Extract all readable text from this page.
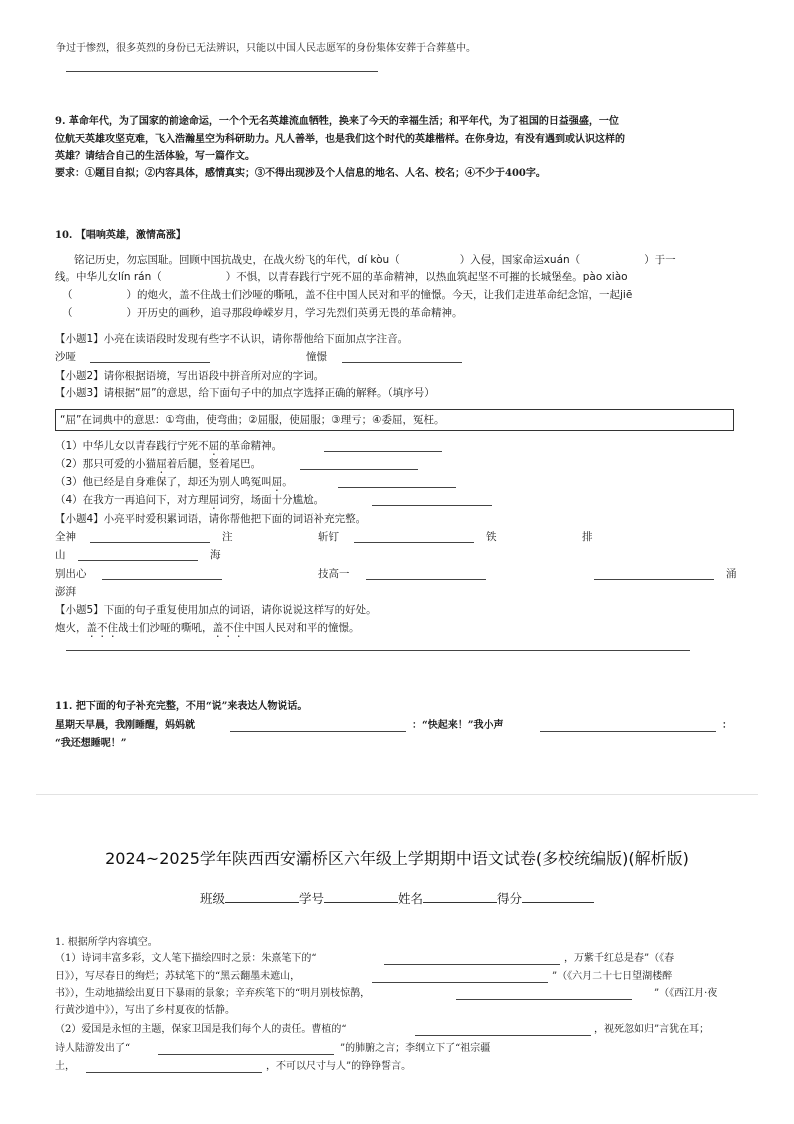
争过于惨烈，很多英烈的身份已无法辨识，只能以中国人民志愿军的身份集体安葬于合葬墓中。
9. 革命年代，为了国家的前途命运，一个个无名英雄流血牺牲，换来了今天的幸福生活；和平年代，为了祖国的日益强盛，一位
位航天英雄攻坚克难，飞入浩瀚星空为科研助力。凡人善举，也是我们这个时代的英雄楷样。在你身边，有没有遇到或认识这样的
英雄？请结合自己的生活体验，写一篇作文。
要求：①题目自拟；②内容具体，感情真实；③不得出现涉及个人信息的地名、人名、校名；④不少于400字。
10. 【唱响英雄，激情高涨】
铭记历史，勿忘国耻。回顾中国抗战史，在战火纷飞的年代，dí kòu（	）入侵，国家命运xuán（	）于一
线。中华儿女lín rán（	）不惧，以青春践行宁死不屈的革命精神，以热血筑起坚不可摧的长城堡垒。pào xiào
（	）的炮火，盖不住战士们沙哑的嘶吼，盖不住中国人民对和平的憧憬。今天，让我们走进革命纪念馆，一起jiē
（	）开历史的画秒，追寻那段峥嵘岁月，学习先烈们英勇无畏的革命精神。
【小题1】小亮在读语段时发现有些字不认识，请你帮他给下面加点字注音。
沙哑	憧憬
【小题2】请你根据语境，写出语段中拼音所对应的字词。
【小题3】请根据“屈”的意思，给下面句子中的加点字选择正确的解释。（填序号）
“屈”在词典中的意思：①弯曲，使弯曲；②屈服，使屈服；③理亏；④委屈，冤枉。
（1）中华儿女以青春践行宁死不屈的革命精神。
（2）那只可爱的小猫屈着后腿，竖着尾巴。
（3）他已经是自身难保了，却还为别人鸣冤叫屈。
（4）在我方一再追问下，对方理屈词穷，场面十分尴尬。
【小题4】小亮平时爱积累词语，请你帮他把下面的词语补充完整。
全神	注	斩钉	铁	排
山	海
别出心	技高一	涌
澎湃
【小题5】下面的句子重复使用加点的词语，请你说说这样写的好处。
炮火，盖不住战士们沙哑的嘶吼，盖不住中国人民对和平的憧憬。
11. 把下面的句子补充完整，不用“说”来表达人物说话。
星期天早晨，我刚睡醒，妈妈就	：“快起来！”我小声	：
“我还想睡呢！”
2024~2025学年陕西西安灞桥区六年级上学期期中语文试卷(多校统编版)(解析版)
班级	学号	姓名	得分
1. 根据所学内容填空。
（1）诗词丰富多彩，文人笔下描绘四时之景：朱熹笔下的“	，万紫千红总是春”（《春
日》），写尽春日的绚烂；苏轼笔下的“黑云翻墨未遮山，	”（《六月二十七日望湖楼醉
书》），生动地描绘出夏日下暴雨的景象；辛弃疾笔下的“明月别枝惊鹊，	”（《西江月·夜
行黄沙道中》），写出了乡村夏夜的恬静。
（2）爱国是永恒的主题，保家卫国是我们每个人的责任。曹植的“	，视死忽如归”言犹在耳；
诗人陆游发出了“	”的肺腑之言；李纲立下了“祖宗疆
土，	，不可以尺寸与人”的铮铮誓言。
